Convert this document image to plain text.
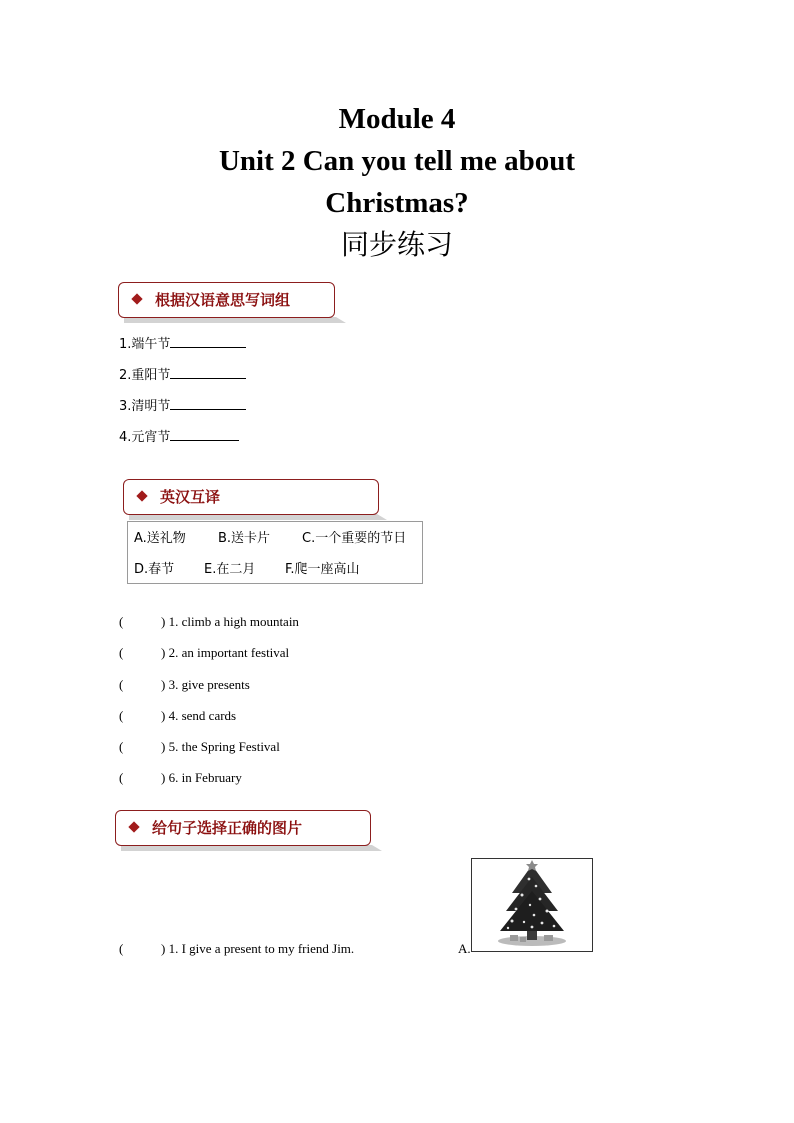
Module 4
Unit 2 Can you tell me about
Christmas?
同步练习
根据汉语意思写词组
1.端午节
2.重阳节
3.清明节
4.元宵节
英汉互译
A.送礼物 B.送卡片 C.一个重要的节日
D.春节 E.在二月 F.爬一座高山
(	) 1. climb a high mountain
(	) 2. an important festival
(	) 3. give presents
(	) 4. send cards
(	) 5. the Spring Festival
(	) 6. in February
给句子选择正确的图片
(	) 1. I give a present to my friend Jim.	A.
